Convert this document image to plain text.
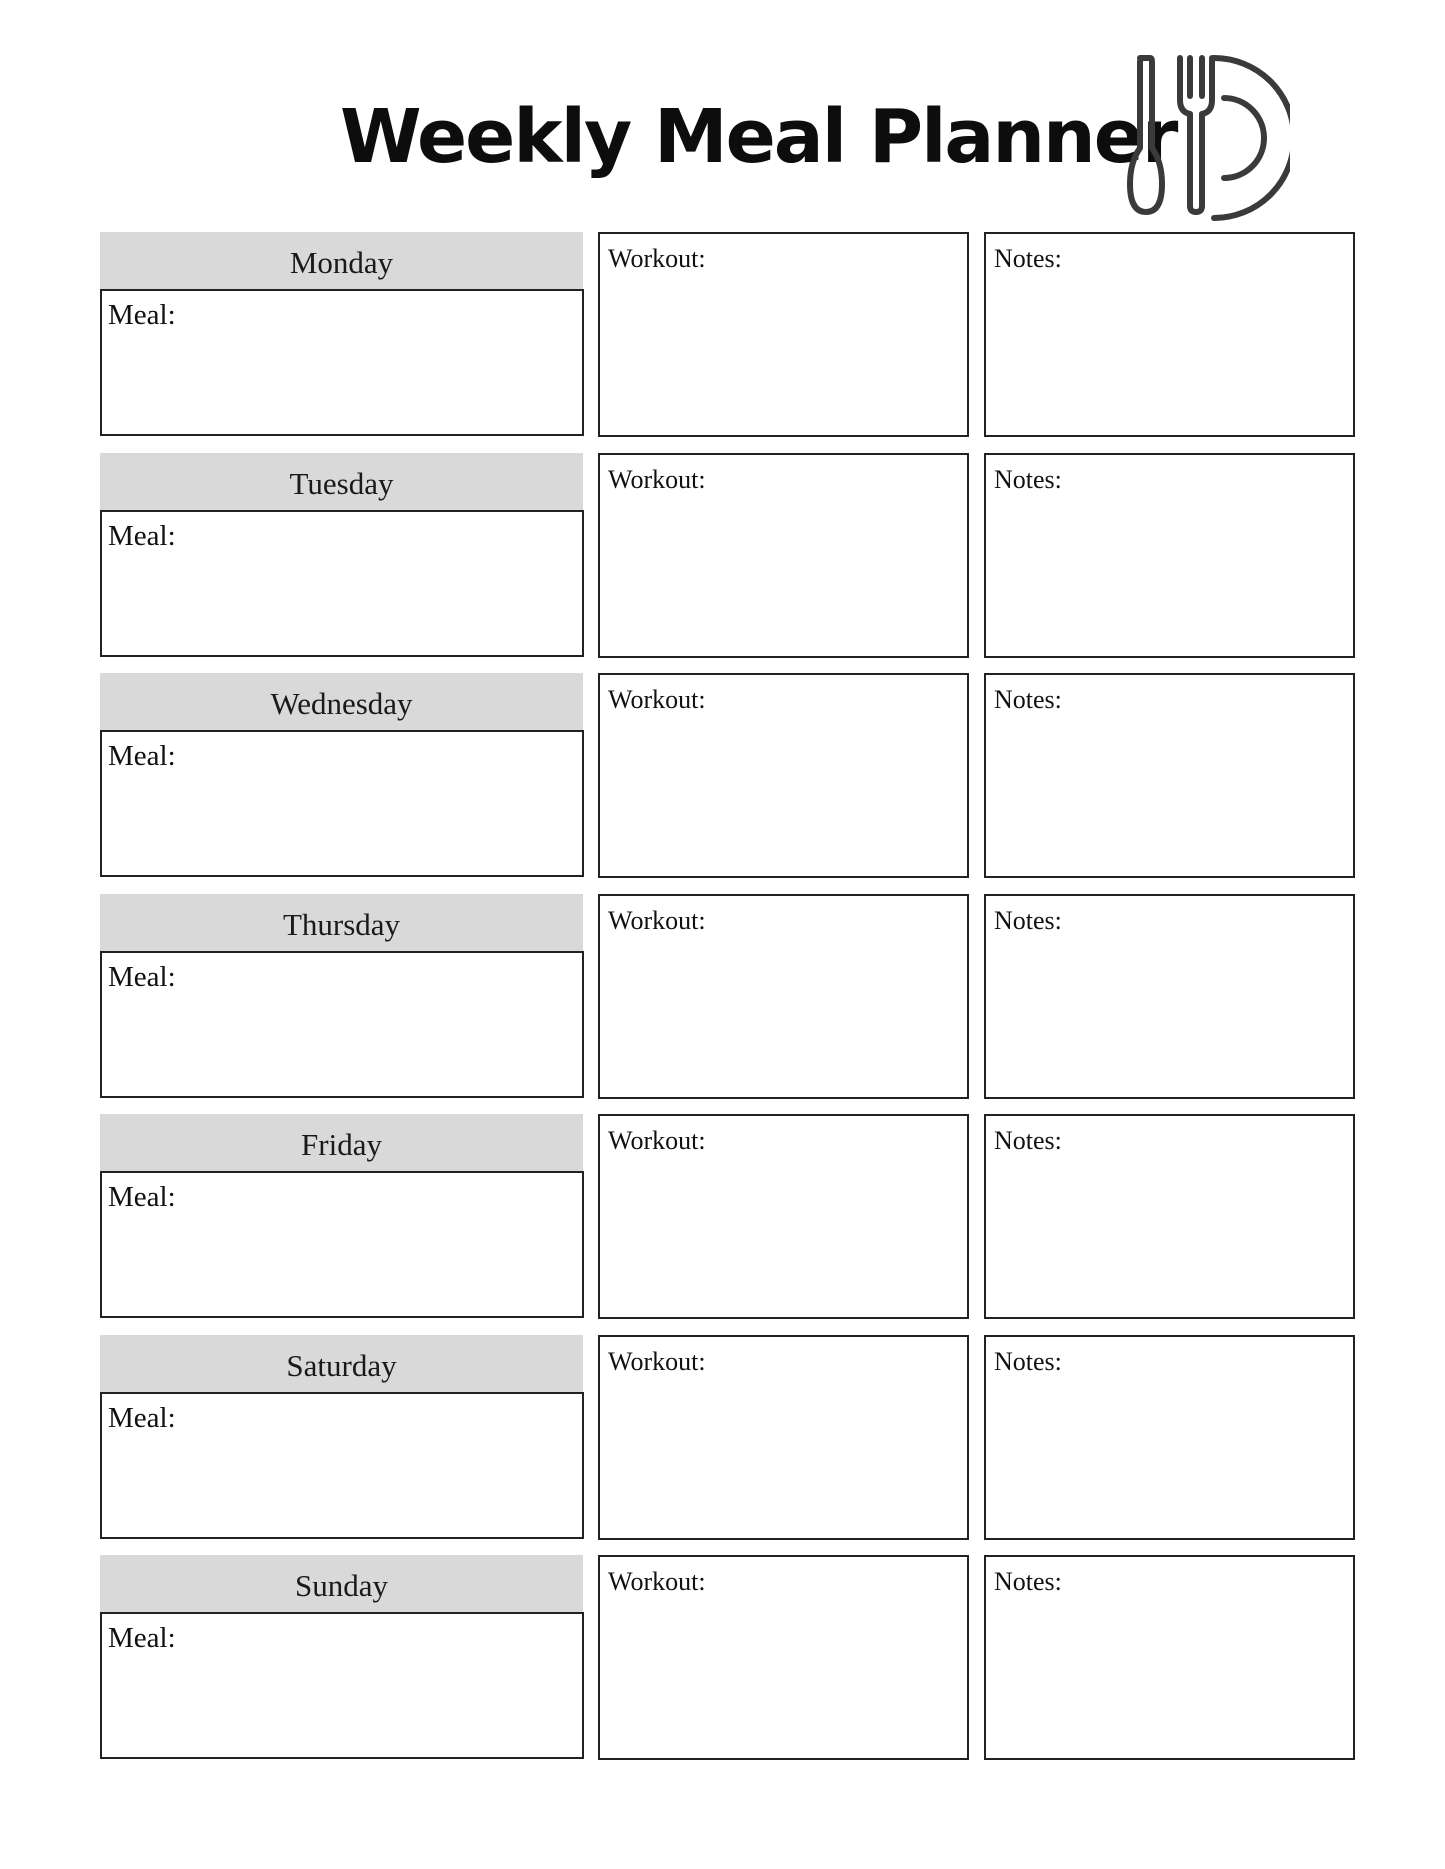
Weekly Meal Planner
Monday
Meal:
Workout:	Notes:
Tuesday
Meal:
Workout:	Notes:
Wednesday
Meal:
Workout:	Notes:
Thursday
Meal:
Workout:	Notes:
Friday
Meal:
Workout:	Notes:
Saturday
Meal:
Workout:	Notes:
Sunday
Meal:
Workout:	Notes:
